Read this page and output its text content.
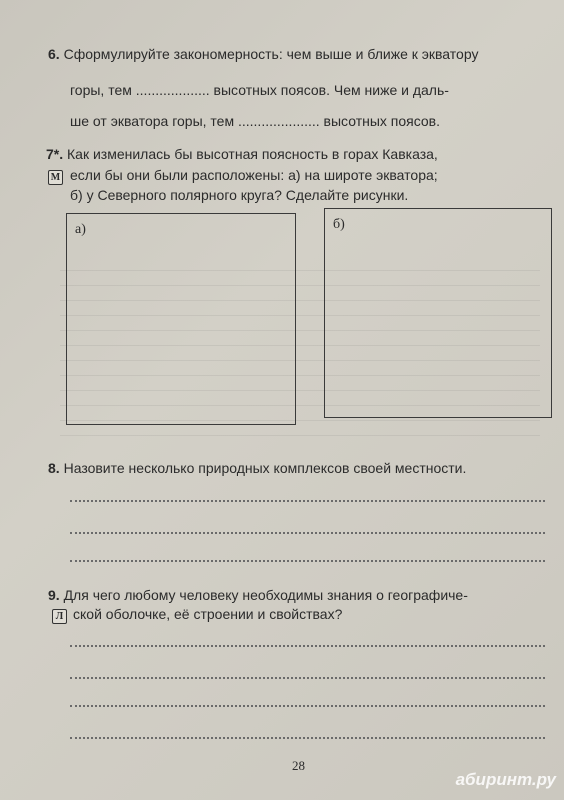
6. Сформулируйте закономерность: чем выше и ближе к экватору
горы, тем ................... высотных поясов. Чем ниже и даль-
ше от экватора горы, тем ..................... высотных поясов.
7*. Как изменилась бы высотная поясность в горах Кавказа,
М если бы они были расположены: а) на широте экватора;
б) у Северного полярного круга? Сделайте рисунки.
а)	б)
8. Назовите несколько природных комплексов своей местности.
9. Для чего любому человеку необходимы знания о географиче-
Л ской оболочке, её строении и свойствах?
28
абиринт.ру
